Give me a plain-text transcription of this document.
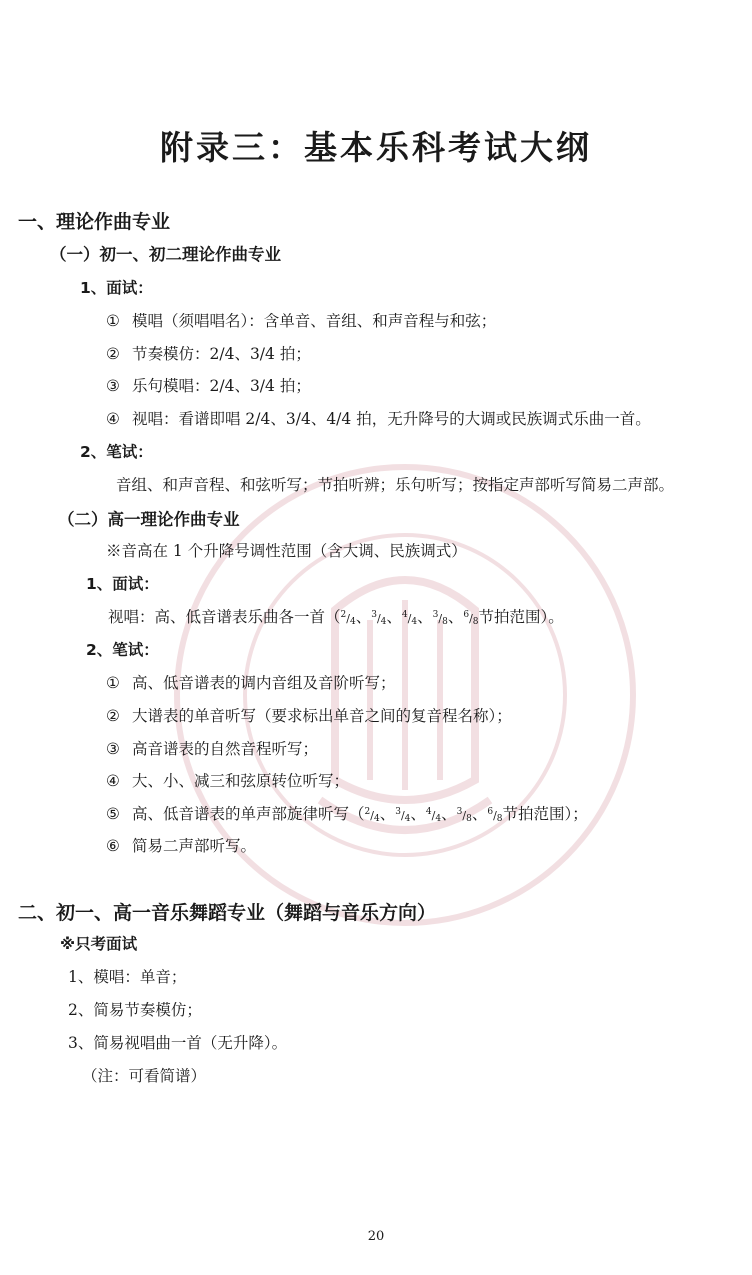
附录三：基本乐科考试大纲
一、理论作曲专业
（一）初一、初二理论作曲专业
1、面试：
① 模唱（须唱唱名）：含单音、音组、和声音程与和弦；
② 节奏模仿：2/4、3/4 拍；
③ 乐句模唱：2/4、3/4 拍；
④ 视唱：看谱即唱 2/4、3/4、4/4 拍，无升降号的大调或民族调式乐曲一首。
2、笔试：
音组、和声音程、和弦听写；节拍听辨；乐句听写；按指定声部听写简易二声部。
（二）高一理论作曲专业
※音高在 1 个升降号调性范围（含大调、民族调式）
1、面试：
视唱：高、低音谱表乐曲各一首（$^2/_4$、$^3/_4$、$^4/_4$、$^3/_8$、$^6/_8$节拍范围）。
2、笔试：
① 高、低音谱表的调内音组及音阶听写；
② 大谱表的单音听写（要求标出单音之间的复音程名称）；
③ 高音谱表的自然音程听写；
④ 大、小、减三和弦原转位听写；
⑤ 高、低音谱表的单声部旋律听写（$^2/_4$、$^3/_4$、$^4/_4$、$^3/_8$、$^6/_8$节拍范围）；
⑥ 简易二声部听写。
二、初一、高一音乐舞蹈专业（舞蹈与音乐方向）
※只考面试
1、模唱：单音；
2、简易节奏模仿；
3、简易视唱曲一首（无升降）。
（注：可看简谱）
20
